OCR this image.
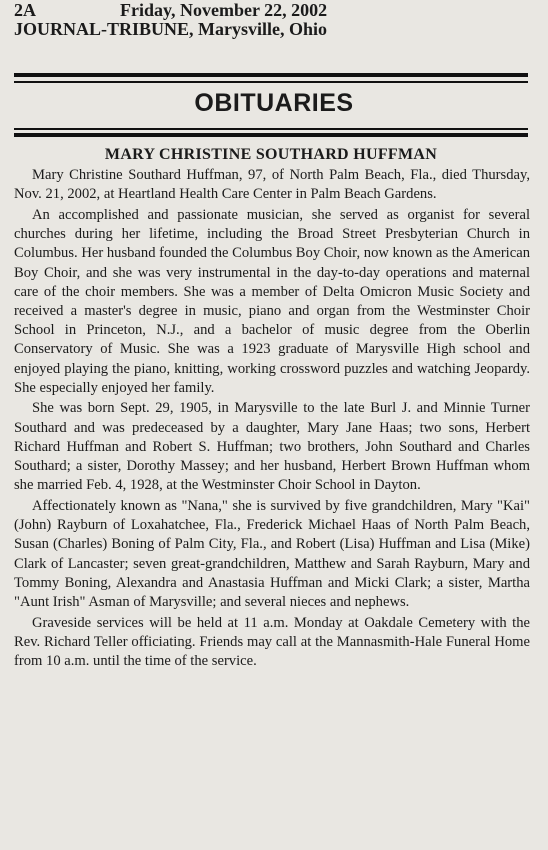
2A	Friday, November 22, 2002
JOURNAL-TRIBUNE, Marysville, Ohio
OBITUARIES
MARY CHRISTINE SOUTHARD HUFFMAN

Mary Christine Southard Huffman, 97, of North Palm Beach, Fla., died Thursday, Nov. 21, 2002, at Heartland Health Care Center in Palm Beach Gardens.

An accomplished and passionate musician, she served as organist for several churches during her lifetime, including the Broad Street Presbyterian Church in Columbus. Her husband founded the Columbus Boy Choir, now known as the American Boy Choir, and she was very instrumental in the day-to-day operations and maternal care of the choir members. She was a member of Delta Omicron Music Society and received a master's degree in music, piano and organ from the Westminster Choir School in Princeton, N.J., and a bachelor of music degree from the Oberlin Conservatory of Music. She was a 1923 graduate of Marysville High school and enjoyed playing the piano, knitting, working crossword puzzles and watching Jeopardy. She especially enjoyed her family.

She was born Sept. 29, 1905, in Marysville to the late Burl J. and Minnie Turner Southard and was predeceased by a daughter, Mary Jane Haas; two sons, Herbert Richard Huffman and Robert S. Huffman; two brothers, John Southard and Charles Southard; a sister, Dorothy Massey; and her husband, Herbert Brown Huffman whom she married Feb. 4, 1928, at the Westminster Choir School in Dayton.

Affectionately known as "Nana," she is survived by five grandchildren, Mary "Kai" (John) Rayburn of Loxahatchee, Fla., Frederick Michael Haas of North Palm Beach, Susan (Charles) Boning of Palm City, Fla., and Robert (Lisa) Huffman and Lisa (Mike) Clark of Lancaster; seven great-grandchildren, Matthew and Sarah Rayburn, Mary and Tommy Boning, Alexandra and Anastasia Huffman and Micki Clark; a sister, Martha "Aunt Irish" Asman of Marysville; and several nieces and nephews.

Graveside services will be held at 11 a.m. Monday at Oakdale Cemetery with the Rev. Richard Teller officiating. Friends may call at the Mannasmith-Hale Funeral Home from 10 a.m. until the time of the service.
